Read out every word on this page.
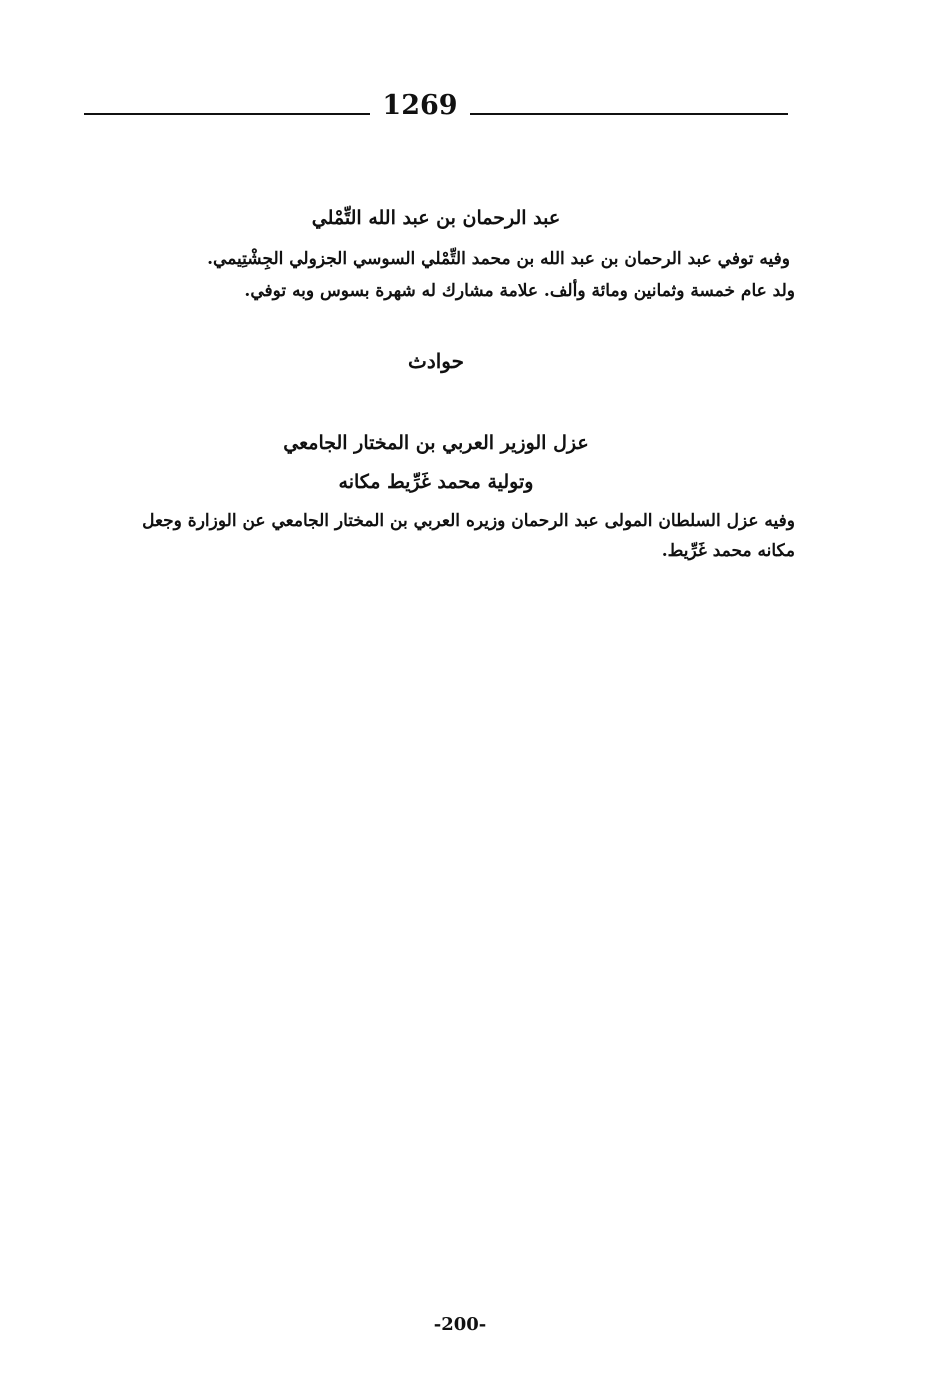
1269
عبد الرحمان بن عبد الله التِّمْلي
وفيه توفي عبد الرحمان بن عبد الله بن محمد التِّمْلي السوسي الجزولي الجِشْتِيمي.
ولد عام خمسة وثمانين ومائة وألف. علامة مشارك له شهرة بسوس وبه توفي.
حوادث
عزل الوزير العربي بن المختار الجامعي
وتولية محمد غَرِّيط مكانه
وفيه عزل السلطان المولى عبد الرحمان وزيره العربي بن المختار الجامعي عن الوزارة وجعل
مكانه محمد غَرِّيط.
-200-
